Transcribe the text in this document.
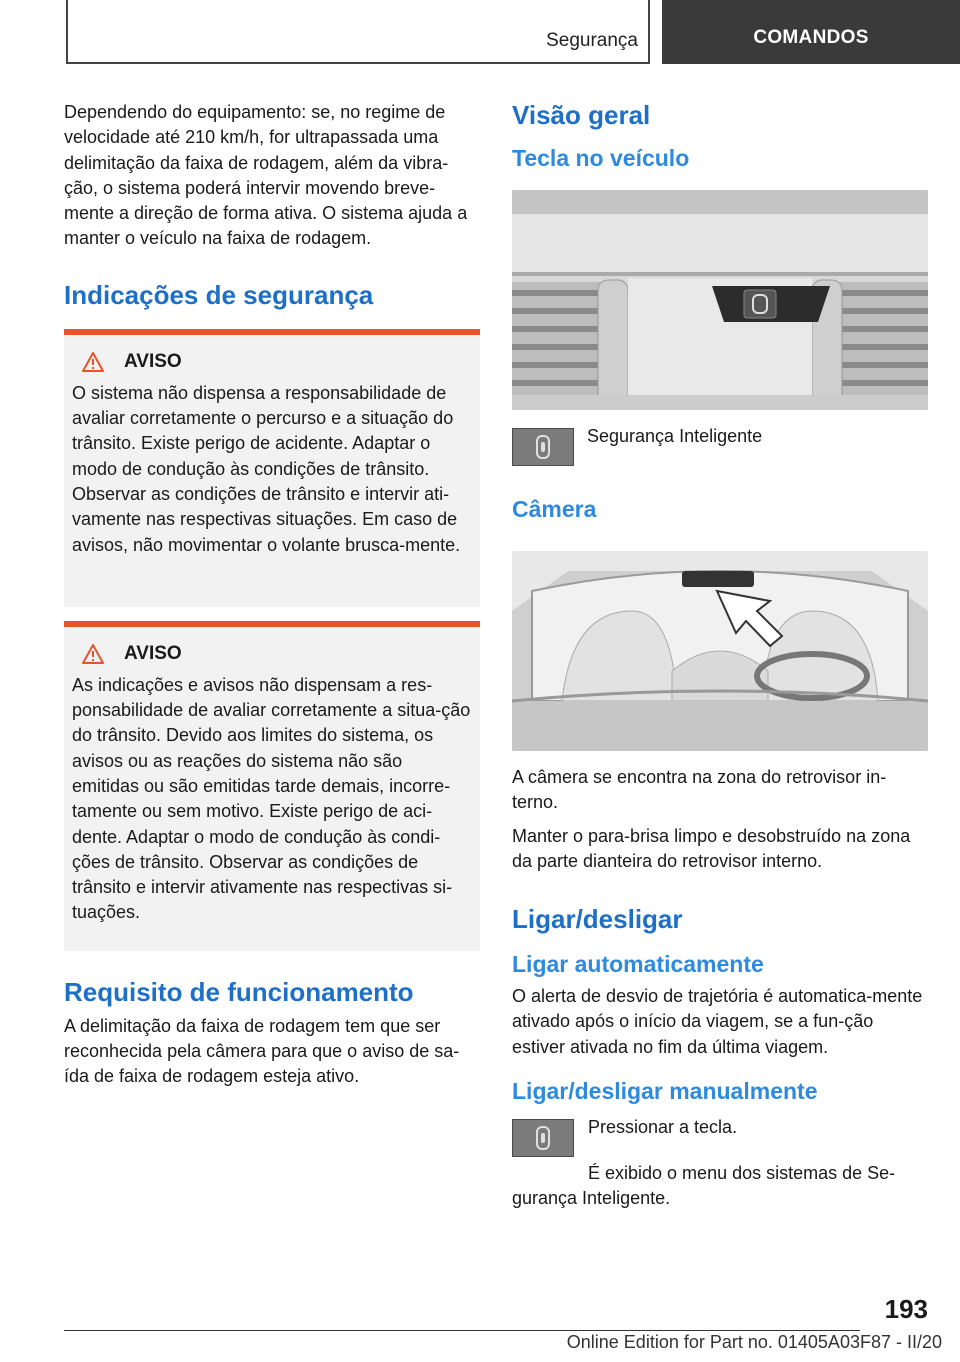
Segurança	COMANDOS

Dependendo do equipamento: se, no regime de velocidade até 210 km/h, for ultrapassada uma delimitação da faixa de rodagem, além da vibra-ção, o sistema poderá intervir movendo breve-mente a direção de forma ativa. O sistema ajuda a manter o veículo na faixa de rodagem.

Indicações de segurança
AVISO

O sistema não dispensa a responsabilidade de avaliar corretamente o percurso e a situação do trânsito. Existe perigo de acidente. Adaptar o modo de condução às condições de trânsito. Observar as condições de trânsito e intervir ati-vamente nas respectivas situações. Em caso de avisos, não movimentar o volante brusca-mente.

AVISO

As indicações e avisos não dispensam a res-ponsabilidade de avaliar corretamente a situa-ção do trânsito. Devido aos limites do sistema, os avisos ou as reações do sistema não são emitidas ou são emitidas tarde demais, incorre-tamente ou sem motivo. Existe perigo de aci-dente. Adaptar o modo de condução às condi-ções de trânsito. Observar as condições de trânsito e intervir ativamente nas respectivas si-tuações.

Requisito de funcionamento

A delimitação da faixa de rodagem tem que ser reconhecida pela câmera para que o aviso de sa-ída de faixa de rodagem esteja ativo.

Visão geral
Tecla no veículo
Segurança Inteligente
Câmera

A câmera se encontra na zona do retrovisor in-terno.

Manter o para-brisa limpo e desobstruído na zona da parte dianteira do retrovisor interno.

Ligar/desligar
Ligar automaticamente

O alerta de desvio de trajetória é automatica-mente ativado após o início da viagem, se a fun-ção estiver ativada no fim da última viagem.

Ligar/desligar manualmente

Pressionar a tecla.

É exibido o menu dos sistemas de Se-gurança Inteligente.

193
Online Edition for Part no. 01405A03F87 - II/20
